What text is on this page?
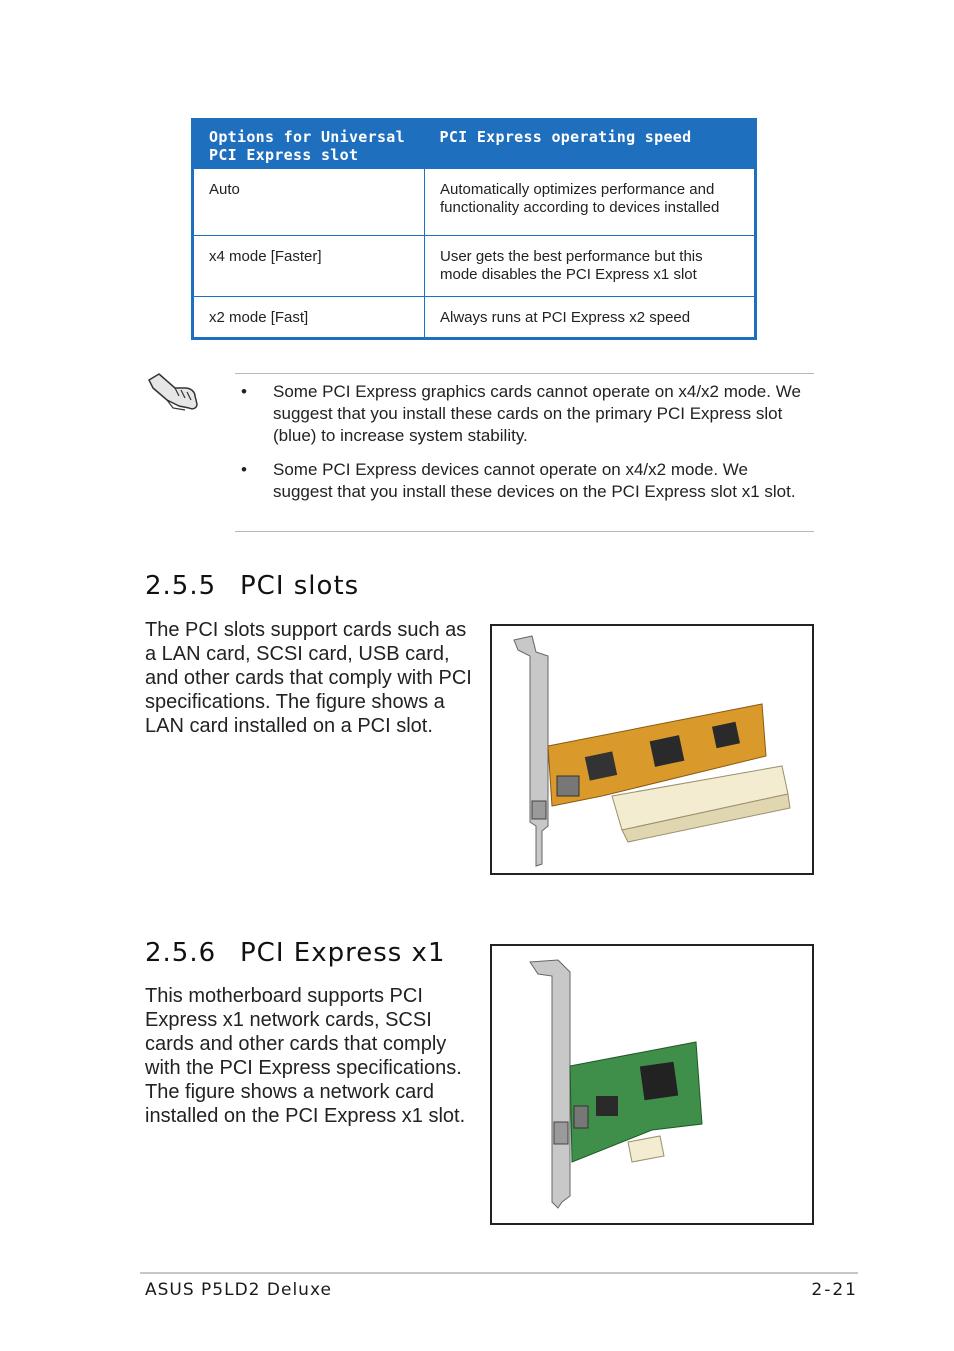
Options for Universal PCI Express slot	PCI Express operating speed
Auto	Automatically optimizes performance and functionality according to devices installed
x4 mode [Faster]	User gets the best performance but this mode disables the PCI Express x1 slot
x2 mode [Fast]	Always runs at PCI Express x2 speed
•	Some PCI Express graphics cards cannot operate on x4/x2 mode. We suggest that you install these cards on the primary PCI Express slot (blue) to increase system stability.
•	Some PCI Express devices cannot operate on x4/x2 mode. We suggest that you install these devices on the PCI Express slot x1 slot.
2.5.5 PCI slots

The PCI slots support cards such as a LAN card, SCSI card, USB card, and other cards that comply with PCI specifications. The figure shows a LAN card installed on a PCI slot.

2.5.6 PCI Express x1

This motherboard supports PCI Express x1 network cards, SCSI cards and other cards that comply with the PCI Express specifications. The figure shows a network card installed on the PCI Express x1 slot.

ASUS P5LD2 Deluxe	2-21
